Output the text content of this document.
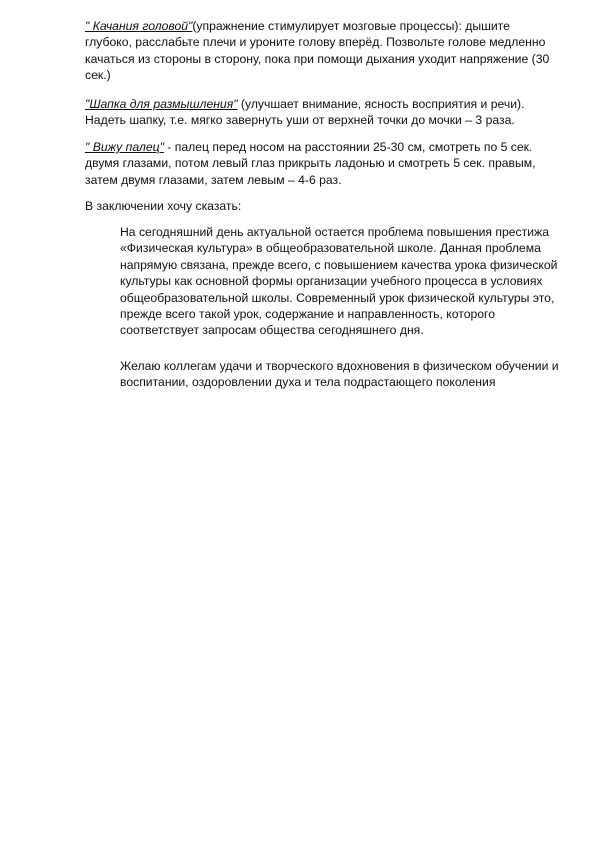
" Качания головой"(упражнение стимулирует мозговые процессы): дышите глубоко, расслабьте плечи и уроните голову вперёд. Позвольте голове медленно качаться из стороны в сторону, пока при помощи дыхания уходит напряжение (30 сек.)

"Шапка для размышления" (улучшает внимание, ясность восприятия и речи). Надеть шапку, т.е. мягко завернуть уши от верхней точки до мочки – 3 раза.

" Вижу палец" - палец перед носом на расстоянии 25-30 см, смотреть по 5 сек. двумя глазами, потом левый глаз прикрыть ладонью и смотреть 5 сек. правым, затем двумя глазами, затем левым – 4-6 раз.

В заключении хочу сказать:

На сегодняшний день актуальной остается проблема повышения престижа «Физическая культура» в общеобразовательной школе. Данная проблема напрямую связана, прежде всего, с повышением качества урока физической культуры как основной формы организации учебного процесса в условиях общеобразовательной школы. Современный урок физической культуры это, прежде всего такой урок, содержание и направленность, которого соответствует запросам общества сегодняшнего дня.

Желаю коллегам удачи и творческого вдохновения в физическом обучении и воспитании, оздоровлении духа и тела подрастающего поколения
